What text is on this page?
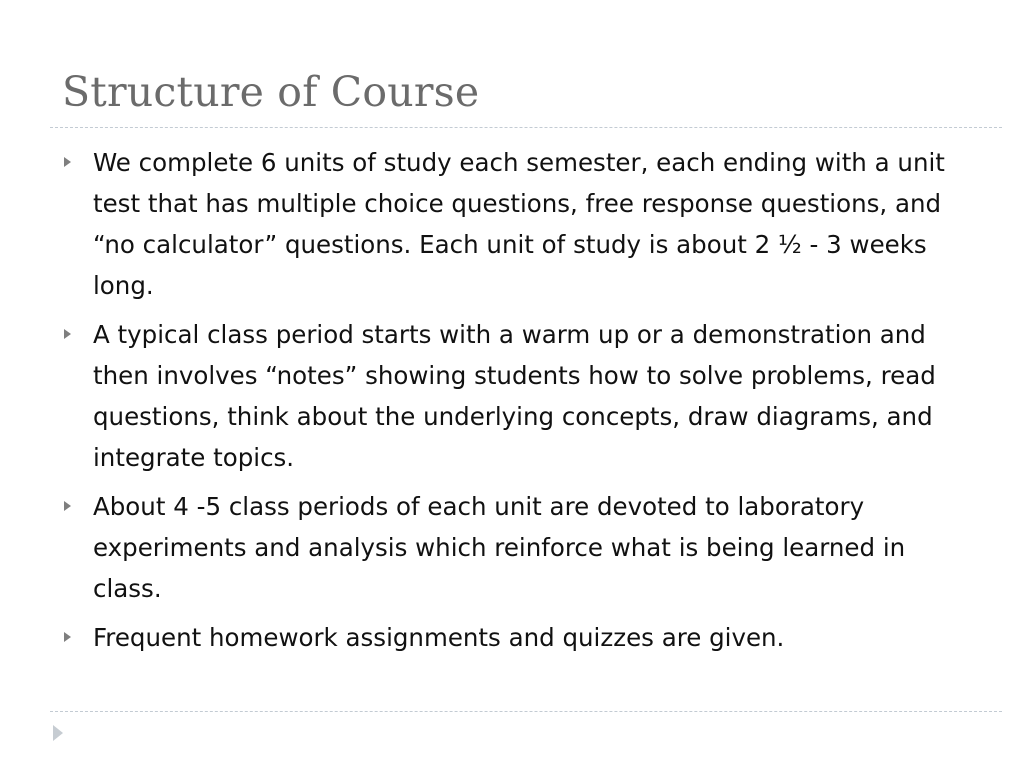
Structure of Course
We complete 6 units of study each semester, each ending with a unit test that has multiple choice questions, free response questions, and “no calculator” questions. Each unit of study is about 2 ½ - 3 weeks long.
A typical class period starts with a warm up or a demonstration and then involves “notes” showing students how to solve problems, read questions, think about the underlying concepts, draw diagrams, and integrate topics.
About 4 -5 class periods of each unit are devoted to laboratory experiments and analysis which reinforce what is being learned in class.
Frequent homework assignments and quizzes are given.
